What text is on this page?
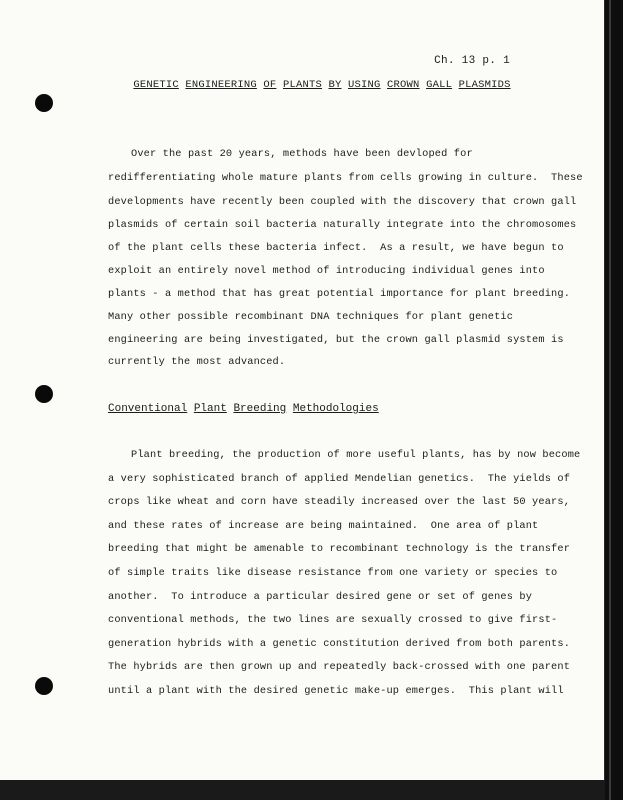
Ch. 13 p. 1
GENETIC ENGINEERING OF PLANTS BY USING CROWN GALL PLASMIDS
Over the past 20 years, methods have been devloped for
redifferentiating whole mature plants from cells growing in culture.  These
developments have recently been coupled with the discovery that crown gall
plasmids of certain soil bacteria naturally integrate into the chromosomes
of the plant cells these bacteria infect.  As a result, we have begun to
exploit an entirely novel method of introducing individual genes into
plants - a method that has great potential importance for plant breeding.
Many other possible recombinant DNA techniques for plant genetic
engineering are being investigated, but the crown gall plasmid system is
currently the most advanced.
Conventional Plant Breeding Methodologies
Plant breeding, the production of more useful plants, has by now become
a very sophisticated branch of applied Mendelian genetics.  The yields of
crops like wheat and corn have steadily increased over the last 50 years,
and these rates of increase are being maintained.  One area of plant
breeding that might be amenable to recombinant technology is the transfer
of simple traits like disease resistance from one variety or species to
another.  To introduce a particular desired gene or set of genes by
conventional methods, the two lines are sexually crossed to give first-
generation hybrids with a genetic constitution derived from both parents.
The hybrids are then grown up and repeatedly back-crossed with one parent
until a plant with the desired genetic make-up emerges.  This plant will
